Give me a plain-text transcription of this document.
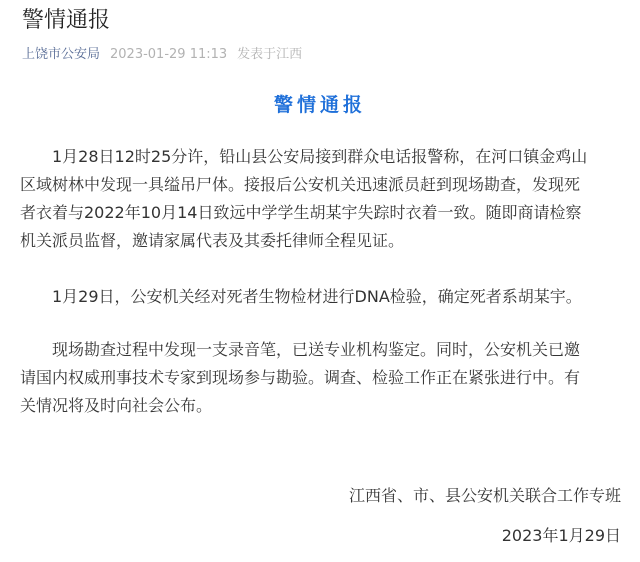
警情通报
上饶市公安局 2023-01-29 11:13 发表于江西
警情通报
1月28日12时25分许，铅山县公安局接到群众电话报警称，在河口镇金鸡山
区域树林中发现一具缢吊尸体。接报后公安机关迅速派员赶到现场勘查，发现死
者衣着与2022年10月14日致远中学学生胡某宇失踪时衣着一致。随即商请检察
机关派员监督，邀请家属代表及其委托律师全程见证。
1月29日，公安机关经对死者生物检材进行DNA检验，确定死者系胡某宇。
现场勘查过程中发现一支录音笔，已送专业机构鉴定。同时，公安机关已邀
请国内权威刑事技术专家到现场参与勘验。调查、检验工作正在紧张进行中。有
关情况将及时向社会公布。
江西省、市、县公安机关联合工作专班
2023年1月29日
